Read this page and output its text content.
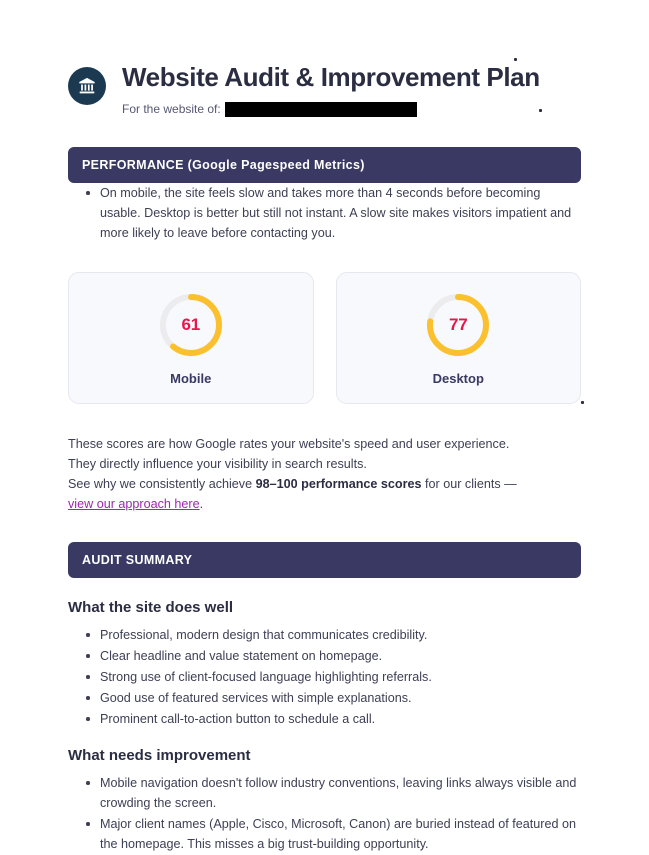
Website Audit & Improvement Plan
For the website of:
PERFORMANCE (Google Pagespeed Metrics)
On mobile, the site feels slow and takes more than 4 seconds before becoming usable. Desktop is better but still not instant. A slow site makes visitors impatient and more likely to leave before contacting you.
61
Mobile
77
Desktop
These scores are how Google rates your website's speed and user experience.
They directly influence your visibility in search results.
See why we consistently achieve 98–100 performance scores for our clients —
view our approach here.
AUDIT SUMMARY
What the site does well
Professional, modern design that communicates credibility.
Clear headline and value statement on homepage.
Strong use of client-focused language highlighting referrals.
Good use of featured services with simple explanations.
Prominent call-to-action button to schedule a call.
What needs improvement
Mobile navigation doesn't follow industry conventions, leaving links always visible and crowding the screen.
Major client names (Apple, Cisco, Microsoft, Canon) are buried instead of featured on the homepage. This misses a big trust-building opportunity.
